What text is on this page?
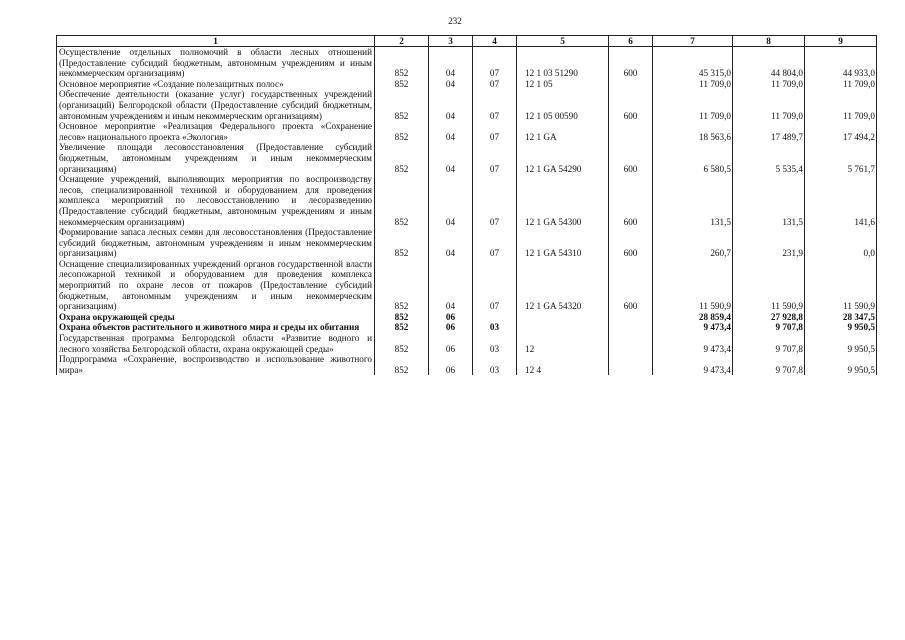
232
1	2	3	4	5	6	7	8	9
Осуществление отдельных полномочий в области лесных отношений (Предоставление субсидий бюджетным, автономным учреждениям и иным некоммерческим организациям)	852	04	07	12 1 03 51290	600	45 315,0	44 804,0	44 933,0
Основное мероприятие «Создание полезащитных полос»	852	04	07	12 1 05		11 709,0	11 709,0	11 709,0
Обеспечение деятельности (оказание услуг) государственных учреждений (организаций) Белгородской области (Предоставление субсидий бюджетным, автономным учреждениям и иным некоммерческим организациям)	852	04	07	12 1 05 00590	600	11 709,0	11 709,0	11 709,0
Основное мероприятие «Реализация Федерального проекта «Сохранение лесов» национального проекта «Экология»	852	04	07	12 1 GA		18 563,6	17 489,7	17 494,2
Увеличение площади лесовосстановления (Предоставление субсидий бюджетным, автономным учреждениям и иным некоммерческим организациям)	852	04	07	12 1 GA 54290	600	6 580,5	5 535,4	5 761,7
Оснащение учреждений, выполняющих мероприятия по воспроизводству лесов, специализированной техникой и оборудованием для проведения комплекса мероприятий по лесовосстановлению и лесоразведению (Предоставление субсидий бюджетным, автономным учреждениям и иным некоммерческим организациям)	852	04	07	12 1 GA 54300	600	131,5	131,5	141,6
Формирование запаса лесных семян для лесовосстановления (Предоставление субсидий бюджетным, автономным учреждениям и иным некоммерческим организациям)	852	04	07	12 1 GA 54310	600	260,7	231,9	0,0
Оснащение специализированных учреждений органов государственной власти лесопожарной техникой и оборудованием для проведения комплекса мероприятий по охране лесов от пожаров (Предоставление субсидий бюджетным, автономным учреждениям и иным некоммерческим организациям)	852	04	07	12 1 GA 54320	600	11 590,9	11 590,9	11 590,9
Охрана окружающей среды	852	06				28 859,4	27 928,8	28 347,5
Охрана объектов растительного и животного мира и среды их обитания	852	06	03			9 473,4	9 707,8	9 950,5
Государственная программа Белгородской области «Развитие водного и лесного хозяйства Белгородской области, охрана окружающей среды»	852	06	03	12		9 473,4	9 707,8	9 950,5
Подпрограмма «Сохранение, воспроизводство и использование животного мира»	852	06	03	12 4		9 473,4	9 707,8	9 950,5
